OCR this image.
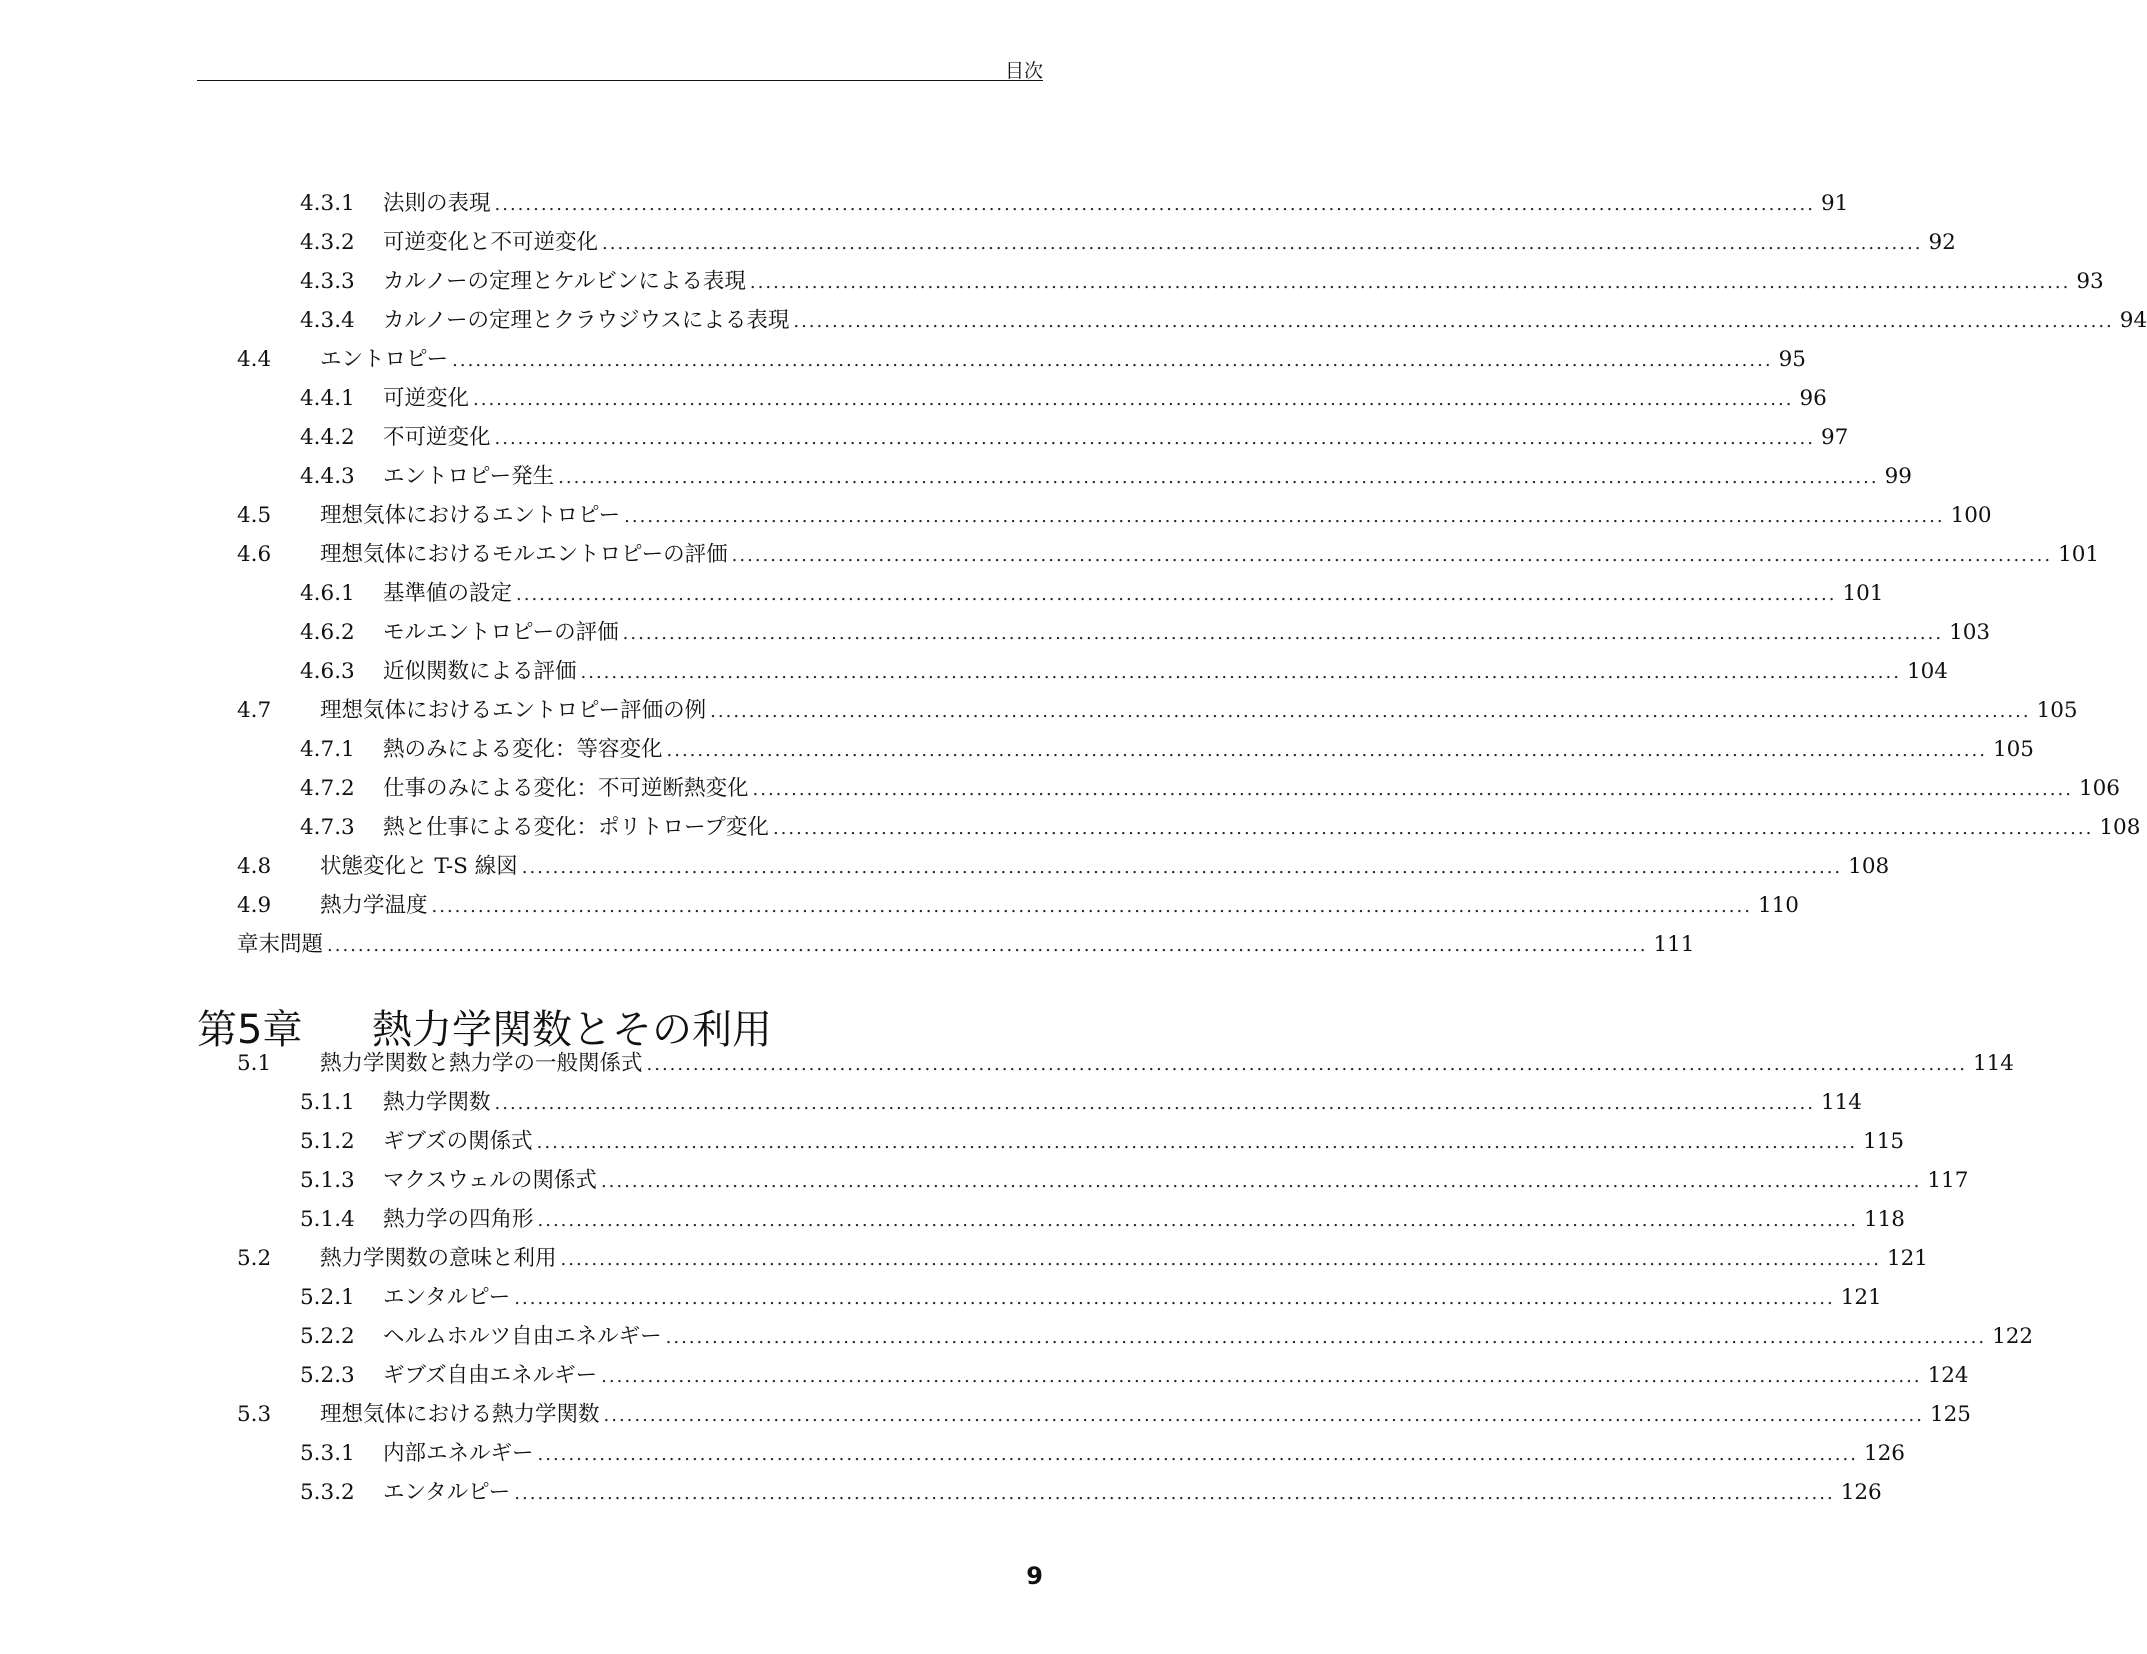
目次
4.3.1 法則の表現 ........................................................................................................................................................................... 91
4.3.2 可逆変化と不可逆変化 ........................................................................................................................................................................... 92
4.3.3 カルノーの定理とケルビンによる表現 ........................................................................................................................................................................... 93
4.3.4 カルノーの定理とクラウジウスによる表現 ........................................................................................................................................................................... 94
4.4 エントロピー ........................................................................................................................................................................... 95
4.4.1 可逆変化 ........................................................................................................................................................................... 96
4.4.2 不可逆変化 ........................................................................................................................................................................... 97
4.4.3 エントロピー発生 ........................................................................................................................................................................... 99
4.5 理想気体におけるエントロピー ........................................................................................................................................................................... 100
4.6 理想気体におけるモルエントロピーの評価 ........................................................................................................................................................................... 101
4.6.1 基準値の設定 ........................................................................................................................................................................... 101
4.6.2 モルエントロピーの評価 ........................................................................................................................................................................... 103
4.6.3 近似関数による評価 ........................................................................................................................................................................... 104
4.7 理想気体におけるエントロピー評価の例 ........................................................................................................................................................................... 105
4.7.1 熱のみによる変化：等容変化 ........................................................................................................................................................................... 105
4.7.2 仕事のみによる変化：不可逆断熱変化 ........................................................................................................................................................................... 106
4.7.3 熱と仕事による変化：ポリトロープ変化 ........................................................................................................................................................................... 108
4.8 状態変化と T-S 線図 ........................................................................................................................................................................... 108
4.9 熱力学温度 ........................................................................................................................................................................... 110
章末問題 ........................................................................................................................................................................... 111
第5章 熱力学関数とその利用
5.1 熱力学関数と熱力学の一般関係式 ........................................................................................................................................................................... 114
5.1.1 熱力学関数 ........................................................................................................................................................................... 114
5.1.2 ギブズの関係式 ........................................................................................................................................................................... 115
5.1.3 マクスウェルの関係式 ........................................................................................................................................................................... 117
5.1.4 熱力学の四角形 ........................................................................................................................................................................... 118
5.2 熱力学関数の意味と利用 ........................................................................................................................................................................... 121
5.2.1 エンタルピー ........................................................................................................................................................................... 121
5.2.2 ヘルムホルツ自由エネルギー ........................................................................................................................................................................... 122
5.2.3 ギブズ自由エネルギー ........................................................................................................................................................................... 124
5.3 理想気体における熱力学関数 ........................................................................................................................................................................... 125
5.3.1 内部エネルギー ........................................................................................................................................................................... 126
5.3.2 エンタルピー ........................................................................................................................................................................... 126
9
